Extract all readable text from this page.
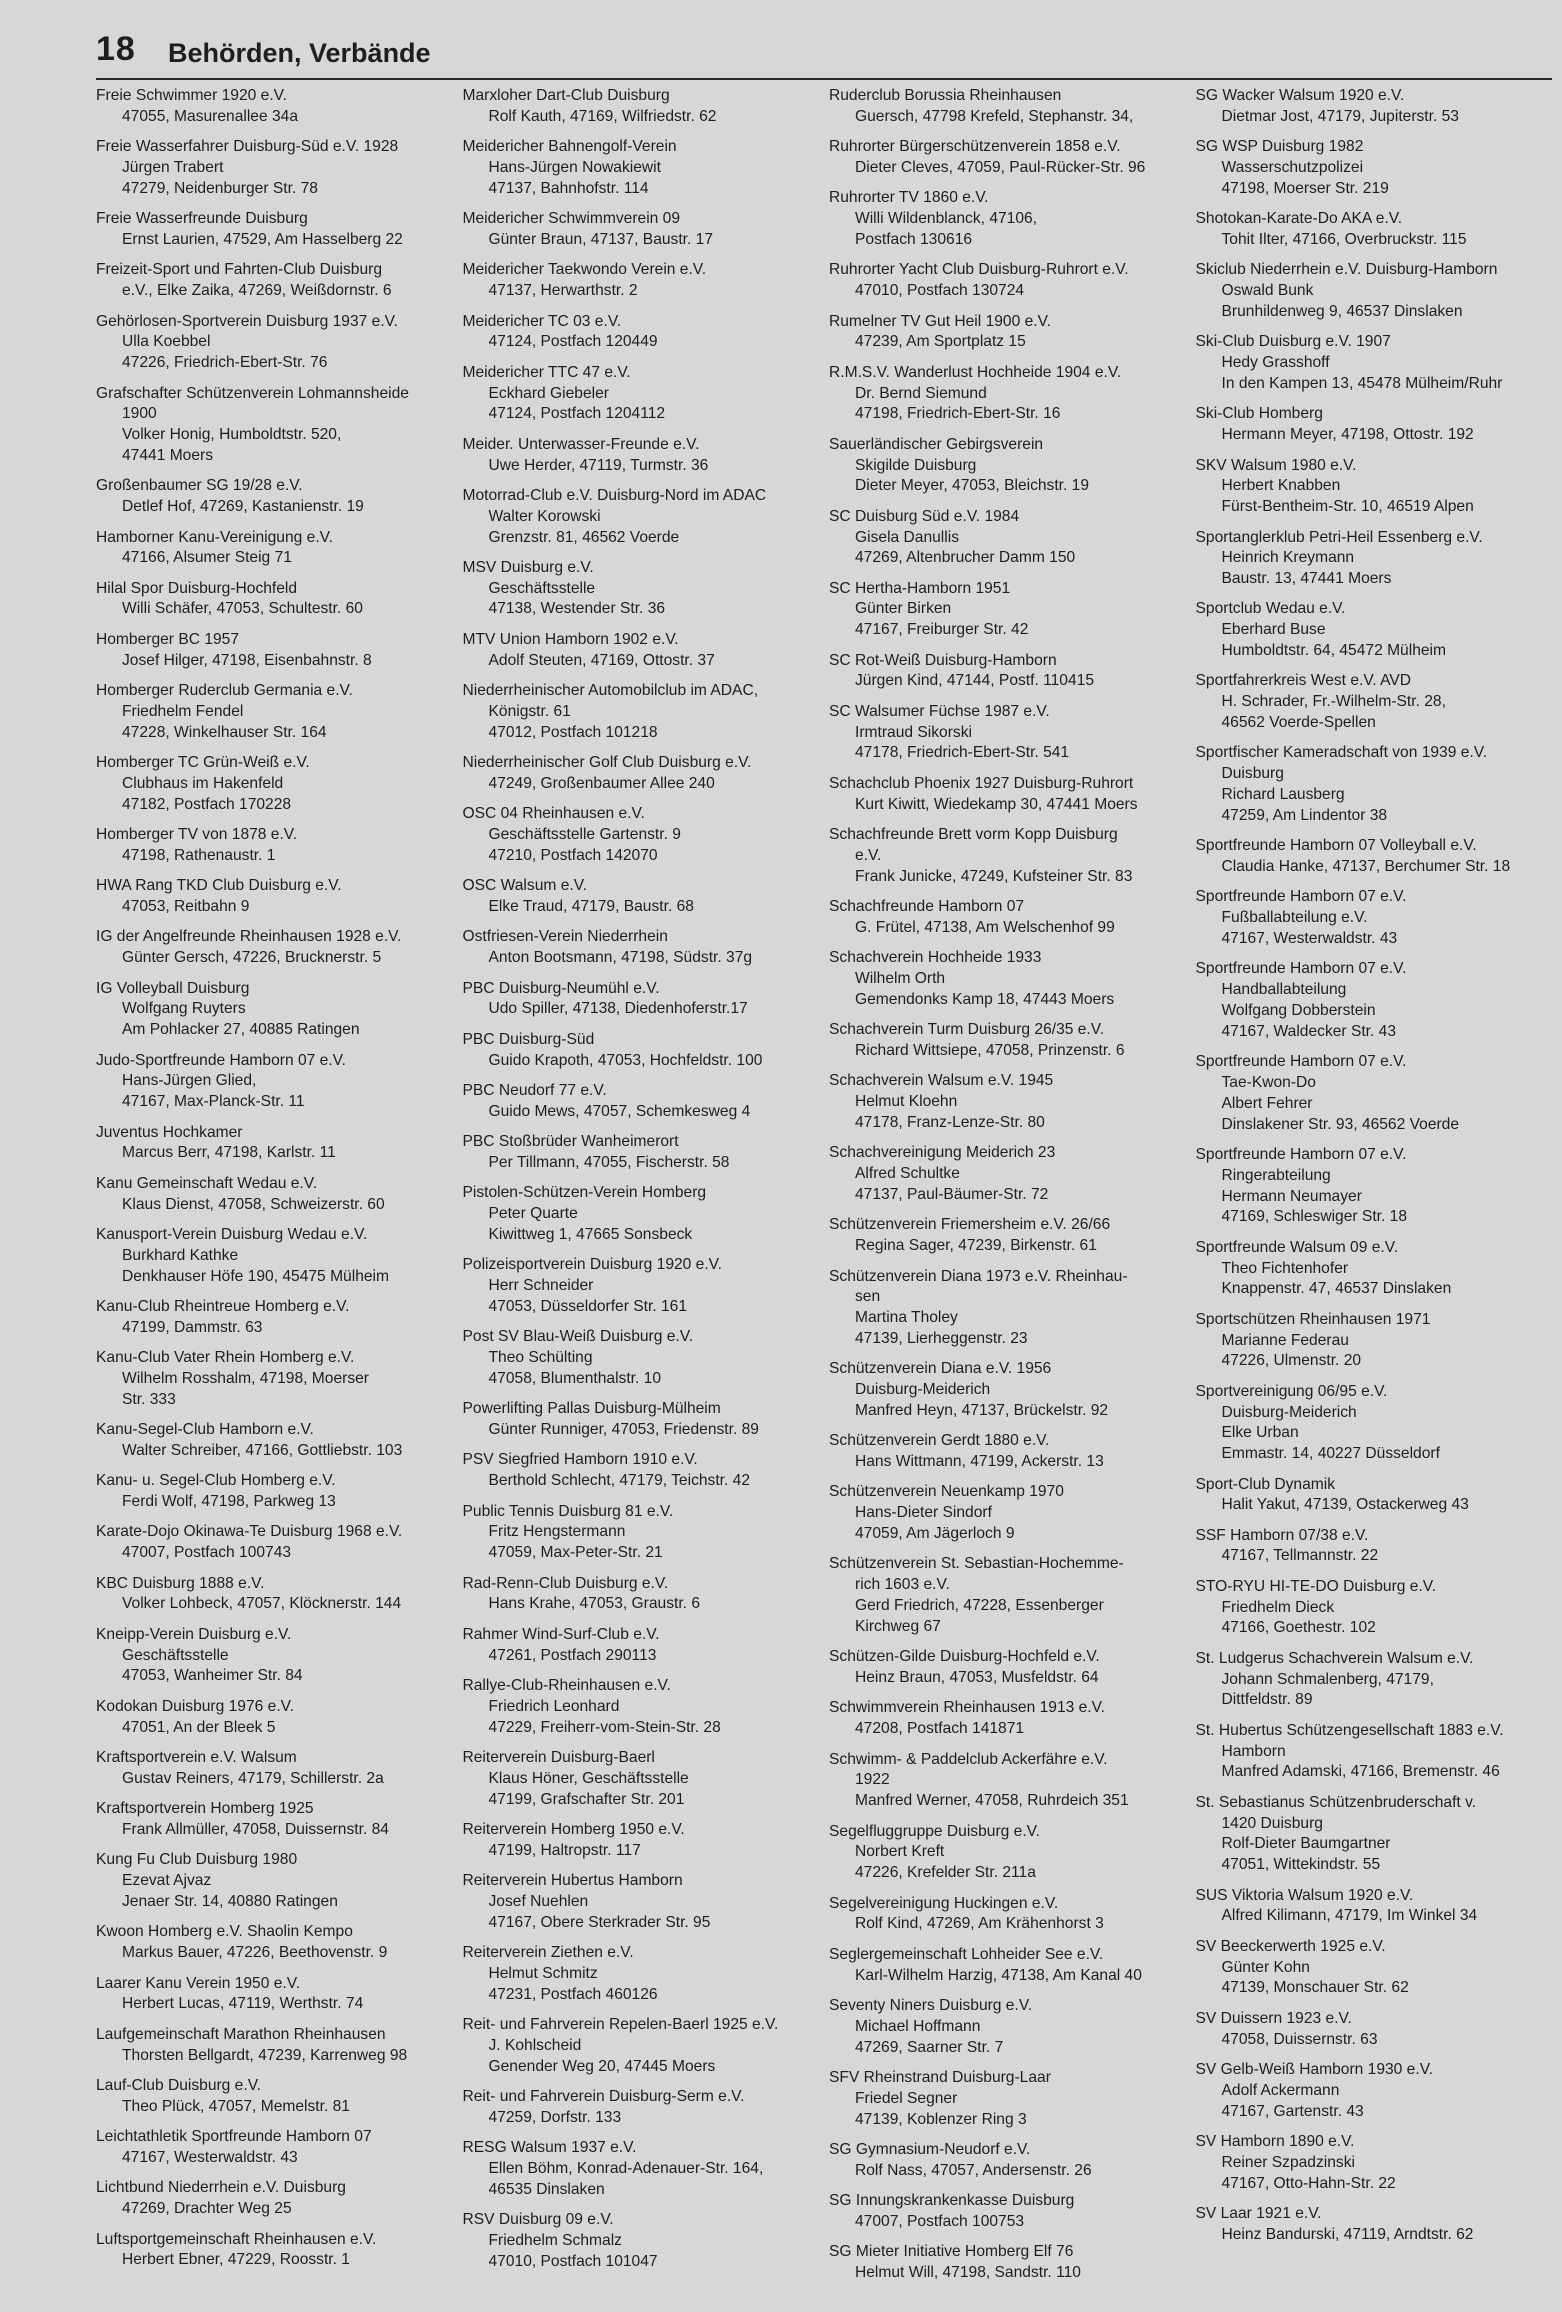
18 Behörden, Verbände
Freie Schwimmer 1920 e.V.
47055, Masurenallee 34a
Freie Wasserfahrer Duisburg-Süd e.V. 1928
Jürgen Trabert
47279, Neidenburger Str. 78
Freie Wasserfreunde Duisburg
Ernst Laurien, 47529, Am Hasselberg 22
Freizeit-Sport und Fahrten-Club Duisburg
e.V., Elke Zaika, 47269, Weißdornstr. 6
Gehörlosen-Sportverein Duisburg 1937 e.V.
Ulla Koebbel
47226, Friedrich-Ebert-Str. 76
Grafschafter Schützenverein Lohmannsheide
1900
Volker Honig, Humboldtstr. 520,
47441 Moers
Großenbaumer SG 19/28 e.V.
Detlef Hof, 47269, Kastanienstr. 19
Hamborner Kanu-Vereinigung e.V.
47166, Alsumer Steig 71
Hilal Spor Duisburg-Hochfeld
Willi Schäfer, 47053, Schultestr. 60
Homberger BC 1957
Josef Hilger, 47198, Eisenbahnstr. 8
Homberger Ruderclub Germania e.V.
Friedhelm Fendel
47228, Winkelhauser Str. 164
Homberger TC Grün-Weiß e.V.
Clubhaus im Hakenfeld
47182, Postfach 170228
Homberger TV von 1878 e.V.
47198, Rathenaustr. 1
HWA Rang TKD Club Duisburg e.V.
47053, Reitbahn 9
IG der Angelfreunde Rheinhausen 1928 e.V.
Günter Gersch, 47226, Brucknerstr. 5
IG Volleyball Duisburg
Wolfgang Ruyters
Am Pohlacker 27, 40885 Ratingen
Judo-Sportfreunde Hamborn 07 e.V.
Hans-Jürgen Glied,
47167, Max-Planck-Str. 11
Juventus Hochkamer
Marcus Berr, 47198, Karlstr. 11
Kanu Gemeinschaft Wedau e.V.
Klaus Dienst, 47058, Schweizerstr. 60
Kanusport-Verein Duisburg Wedau e.V.
Burkhard Kathke
Denkhauser Höfe 190, 45475 Mülheim
Kanu-Club Rheintreue Homberg e.V.
47199, Dammstr. 63
Kanu-Club Vater Rhein Homberg e.V.
Wilhelm Rosshalm, 47198, Moerser
Str. 333
Kanu-Segel-Club Hamborn e.V.
Walter Schreiber, 47166, Gottliebstr. 103
Kanu- u. Segel-Club Homberg e.V.
Ferdi Wolf, 47198, Parkweg 13
Karate-Dojo Okinawa-Te Duisburg 1968 e.V.
47007, Postfach 100743
KBC Duisburg 1888 e.V.
Volker Lohbeck, 47057, Klöcknerstr. 144
Kneipp-Verein Duisburg e.V.
Geschäftsstelle
47053, Wanheimer Str. 84
Kodokan Duisburg 1976 e.V.
47051, An der Bleek 5
Kraftsportverein e.V. Walsum
Gustav Reiners, 47179, Schillerstr. 2a
Kraftsportverein Homberg 1925
Frank Allmüller, 47058, Duissernstr. 84
Kung Fu Club Duisburg 1980
Ezevat Ajvaz
Jenaer Str. 14, 40880 Ratingen
Kwoon Homberg e.V. Shaolin Kempo
Markus Bauer, 47226, Beethovenstr. 9
Laarer Kanu Verein 1950 e.V.
Herbert Lucas, 47119, Werthstr. 74
Laufgemeinschaft Marathon Rheinhausen
Thorsten Bellgardt, 47239, Karrenweg 98
Lauf-Club Duisburg e.V.
Theo Plück, 47057, Memelstr. 81
Leichtathletik Sportfreunde Hamborn 07
47167, Westerwaldstr. 43
Lichtbund Niederrhein e.V. Duisburg
47269, Drachter Weg 25
Luftsportgemeinschaft Rheinhausen e.V.
Herbert Ebner, 47229, Roosstr. 1
Marxloher Dart-Club Duisburg
Rolf Kauth, 47169, Wilfriedstr. 62
Meidericher Bahnengolf-Verein
Hans-Jürgen Nowakiewit
47137, Bahnhofstr. 114
Meidericher Schwimmverein 09
Günter Braun, 47137, Baustr. 17
Meidericher Taekwondo Verein e.V.
47137, Herwarthstr. 2
Meidericher TC 03 e.V.
47124, Postfach 120449
Meidericher TTC 47 e.V.
Eckhard Giebeler
47124, Postfach 1204112
Meider. Unterwasser-Freunde e.V.
Uwe Herder, 47119, Turmstr. 36
Motorrad-Club e.V. Duisburg-Nord im ADAC
Walter Korowski
Grenzstr. 81, 46562 Voerde
MSV Duisburg e.V.
Geschäftsstelle
47138, Westender Str. 36
MTV Union Hamborn 1902 e.V.
Adolf Steuten, 47169, Ottostr. 37
Niederrheinischer Automobilclub im ADAC,
Königstr. 61
47012, Postfach 101218
Niederrheinischer Golf Club Duisburg e.V.
47249, Großenbaumer Allee 240
OSC 04 Rheinhausen e.V.
Geschäftsstelle Gartenstr. 9
47210, Postfach 142070
OSC Walsum e.V.
Elke Traud, 47179, Baustr. 68
Ostfriesen-Verein Niederrhein
Anton Bootsmann, 47198, Südstr. 37g
PBC Duisburg-Neumühl e.V.
Udo Spiller, 47138, Diedenhoferstr.17
PBC Duisburg-Süd
Guido Krapoth, 47053, Hochfeldstr. 100
PBC Neudorf 77 e.V.
Guido Mews, 47057, Schemkesweg 4
PBC Stoßbrüder Wanheimerort
Per Tillmann, 47055, Fischerstr. 58
Pistolen-Schützen-Verein Homberg
Peter Quarte
Kiwittweg 1, 47665 Sonsbeck
Polizeisportverein Duisburg 1920 e.V.
Herr Schneider
47053, Düsseldorfer Str. 161
Post SV Blau-Weiß Duisburg e.V.
Theo Schülting
47058, Blumenthalstr. 10
Powerlifting Pallas Duisburg-Mülheim
Günter Runniger, 47053, Friedenstr. 89
PSV Siegfried Hamborn 1910 e.V.
Berthold Schlecht, 47179, Teichstr. 42
Public Tennis Duisburg 81 e.V.
Fritz Hengstermann
47059, Max-Peter-Str. 21
Rad-Renn-Club Duisburg e.V.
Hans Krahe, 47053, Graustr. 6
Rahmer Wind-Surf-Club e.V.
47261, Postfach 290113
Rallye-Club-Rheinhausen e.V.
Friedrich Leonhard
47229, Freiherr-vom-Stein-Str. 28
Reiterverein Duisburg-Baerl
Klaus Höner, Geschäftsstelle
47199, Grafschafter Str. 201
Reiterverein Homberg 1950 e.V.
47199, Haltropstr. 117
Reiterverein Hubertus Hamborn
Josef Nuehlen
47167, Obere Sterkrader Str. 95
Reiterverein Ziethen e.V.
Helmut Schmitz
47231, Postfach 460126
Reit- und Fahrverein Repelen-Baerl 1925 e.V.
J. Kohlscheid
Genender Weg 20, 47445 Moers
Reit- und Fahrverein Duisburg-Serm e.V.
47259, Dorfstr. 133
RESG Walsum 1937 e.V.
Ellen Böhm, Konrad-Adenauer-Str. 164,
46535 Dinslaken
RSV Duisburg 09 e.V.
Friedhelm Schmalz
47010, Postfach 101047
Ruderclub Borussia Rheinhausen
Guersch, 47798 Krefeld, Stephanstr. 34,
Ruhrorter Bürgerschützenverein 1858 e.V.
Dieter Cleves, 47059, Paul-Rücker-Str. 96
Ruhrorter TV 1860 e.V.
Willi Wildenblanck, 47106,
Postfach 130616
Ruhrorter Yacht Club Duisburg-Ruhrort e.V.
47010, Postfach 130724
Rumelner TV Gut Heil 1900 e.V.
47239, Am Sportplatz 15
R.M.S.V. Wanderlust Hochheide 1904 e.V.
Dr. Bernd Siemund
47198, Friedrich-Ebert-Str. 16
Sauerländischer Gebirgsverein
Skigilde Duisburg
Dieter Meyer, 47053, Bleichstr. 19
SC Duisburg Süd e.V. 1984
Gisela Danullis
47269, Altenbrucher Damm 150
SC Hertha-Hamborn 1951
Günter Birken
47167, Freiburger Str. 42
SC Rot-Weiß Duisburg-Hamborn
Jürgen Kind, 47144, Postf. 110415
SC Walsumer Füchse 1987 e.V.
Irmtraud Sikorski
47178, Friedrich-Ebert-Str. 541
Schachclub Phoenix 1927 Duisburg-Ruhrort
Kurt Kiwitt, Wiedekamp 30, 47441 Moers
Schachfreunde Brett vorm Kopp Duisburg
e.V.
Frank Junicke, 47249, Kufsteiner Str. 83
Schachfreunde Hamborn 07
G. Frütel, 47138, Am Welschenhof 99
Schachverein Hochheide 1933
Wilhelm Orth
Gemendonks Kamp 18, 47443 Moers
Schachverein Turm Duisburg 26/35 e.V.
Richard Wittsiepe, 47058, Prinzenstr. 6
Schachverein Walsum e.V. 1945
Helmut Kloehn
47178, Franz-Lenze-Str. 80
Schachvereinigung Meiderich 23
Alfred Schultke
47137, Paul-Bäumer-Str. 72
Schützenverein Friemersheim e.V. 26/66
Regina Sager, 47239, Birkenstr. 61
Schützenverein Diana 1973 e.V. Rheinhau-
sen
Martina Tholey
47139, Lierheggenstr. 23
Schützenverein Diana e.V. 1956
Duisburg-Meiderich
Manfred Heyn, 47137, Brückelstr. 92
Schützenverein Gerdt 1880 e.V.
Hans Wittmann, 47199, Ackerstr. 13
Schützenverein Neuenkamp 1970
Hans-Dieter Sindorf
47059, Am Jägerloch 9
Schützenverein St. Sebastian-Hochemme-
rich 1603 e.V.
Gerd Friedrich, 47228, Essenberger
Kirchweg 67
Schützen-Gilde Duisburg-Hochfeld e.V.
Heinz Braun, 47053, Musfeldstr. 64
Schwimmverein Rheinhausen 1913 e.V.
47208, Postfach 141871
Schwimm- & Paddelclub Ackerfähre e.V.
1922
Manfred Werner, 47058, Ruhrdeich 351
Segelfluggruppe Duisburg e.V.
Norbert Kreft
47226, Krefelder Str. 211a
Segelvereinigung Huckingen e.V.
Rolf Kind, 47269, Am Krähenhorst 3
Seglergemeinschaft Lohheider See e.V.
Karl-Wilhelm Harzig, 47138, Am Kanal 40
Seventy Niners Duisburg e.V.
Michael Hoffmann
47269, Saarner Str. 7
SFV Rheinstrand Duisburg-Laar
Friedel Segner
47139, Koblenzer Ring 3
SG Gymnasium-Neudorf e.V.
Rolf Nass, 47057, Andersenstr. 26
SG Innungskrankenkasse Duisburg
47007, Postfach 100753
SG Mieter Initiative Homberg Elf 76
Helmut Will, 47198, Sandstr. 110
SG Wacker Walsum 1920 e.V.
Dietmar Jost, 47179, Jupiterstr. 53
SG WSP Duisburg 1982
Wasserschutzpolizei
47198, Moerser Str. 219
Shotokan-Karate-Do AKA e.V.
Tohit Ilter, 47166, Overbruckstr. 115
Skiclub Niederrhein e.V. Duisburg-Hamborn
Oswald Bunk
Brunhildenweg 9, 46537 Dinslaken
Ski-Club Duisburg e.V. 1907
Hedy Grasshoff
In den Kampen 13, 45478 Mülheim/Ruhr
Ski-Club Homberg
Hermann Meyer, 47198, Ottostr. 192
SKV Walsum 1980 e.V.
Herbert Knabben
Fürst-Bentheim-Str. 10, 46519 Alpen
Sportanglerklub Petri-Heil Essenberg e.V.
Heinrich Kreymann
Baustr. 13, 47441 Moers
Sportclub Wedau e.V.
Eberhard Buse
Humboldtstr. 64, 45472 Mülheim
Sportfahrerkreis West e.V. AVD
H. Schrader, Fr.-Wilhelm-Str. 28,
46562 Voerde-Spellen
Sportfischer Kameradschaft von 1939 e.V.
Duisburg
Richard Lausberg
47259, Am Lindentor 38
Sportfreunde Hamborn 07 Volleyball e.V.
Claudia Hanke, 47137, Berchumer Str. 18
Sportfreunde Hamborn 07 e.V.
Fußballabteilung e.V.
47167, Westerwaldstr. 43
Sportfreunde Hamborn 07 e.V.
Handballabteilung
Wolfgang Dobberstein
47167, Waldecker Str. 43
Sportfreunde Hamborn 07 e.V.
Tae-Kwon-Do
Albert Fehrer
Dinslakener Str. 93, 46562 Voerde
Sportfreunde Hamborn 07 e.V.
Ringerabteilung
Hermann Neumayer
47169, Schleswiger Str. 18
Sportfreunde Walsum 09 e.V.
Theo Fichtenhofer
Knappenstr. 47, 46537 Dinslaken
Sportschützen Rheinhausen 1971
Marianne Federau
47226, Ulmenstr. 20
Sportvereinigung 06/95 e.V.
Duisburg-Meiderich
Elke Urban
Emmastr. 14, 40227 Düsseldorf
Sport-Club Dynamik
Halit Yakut, 47139, Ostackerweg 43
SSF Hamborn 07/38 e.V.
47167, Tellmannstr. 22
STO-RYU HI-TE-DO Duisburg e.V.
Friedhelm Dieck
47166, Goethestr. 102
St. Ludgerus Schachverein Walsum e.V.
Johann Schmalenberg, 47179,
Dittfeldstr. 89
St. Hubertus Schützengesellschaft 1883 e.V.
Hamborn
Manfred Adamski, 47166, Bremenstr. 46
St. Sebastianus Schützenbruderschaft v.
1420 Duisburg
Rolf-Dieter Baumgartner
47051, Wittekindstr. 55
SUS Viktoria Walsum 1920 e.V.
Alfred Kilimann, 47179, Im Winkel 34
SV Beeckerwerth 1925 e.V.
Günter Kohn
47139, Monschauer Str. 62
SV Duissern 1923 e.V.
47058, Duissernstr. 63
SV Gelb-Weiß Hamborn 1930 e.V.
Adolf Ackermann
47167, Gartenstr. 43
SV Hamborn 1890 e.V.
Reiner Szpadzinski
47167, Otto-Hahn-Str. 22
SV Laar 1921 e.V.
Heinz Bandurski, 47119, Arndtstr. 62
